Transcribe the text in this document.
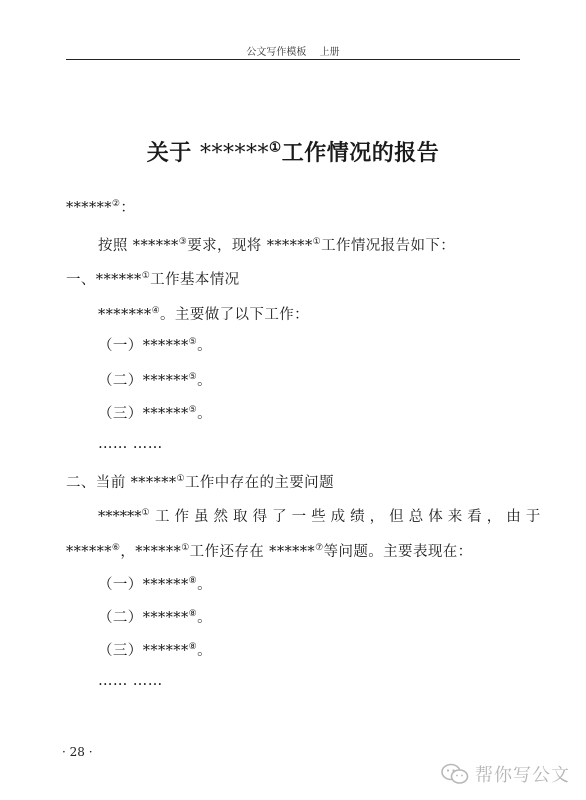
公文写作模板 上册
关于 ******①工作情况的报告
******②：
按照 ******③要求，现将 ******①工作情况报告如下：
一、******①工作基本情况
*******④。主要做了以下工作：
（一）******⑤。
（二）******⑤。
（三）******⑤。
…… ……
二、当前 ******①工作中存在的主要问题
******⑥，******①工作还存在 ******⑦等问题。主要表现在：
（一）******⑧。
（二）******⑧。
（三）******⑧。
…… ……
******① 工 作 虽 然 取 得 了 一 些 成 绩 ， 但 总 体 来 看 ， 由 于
· 28 ·
帮你写公文
